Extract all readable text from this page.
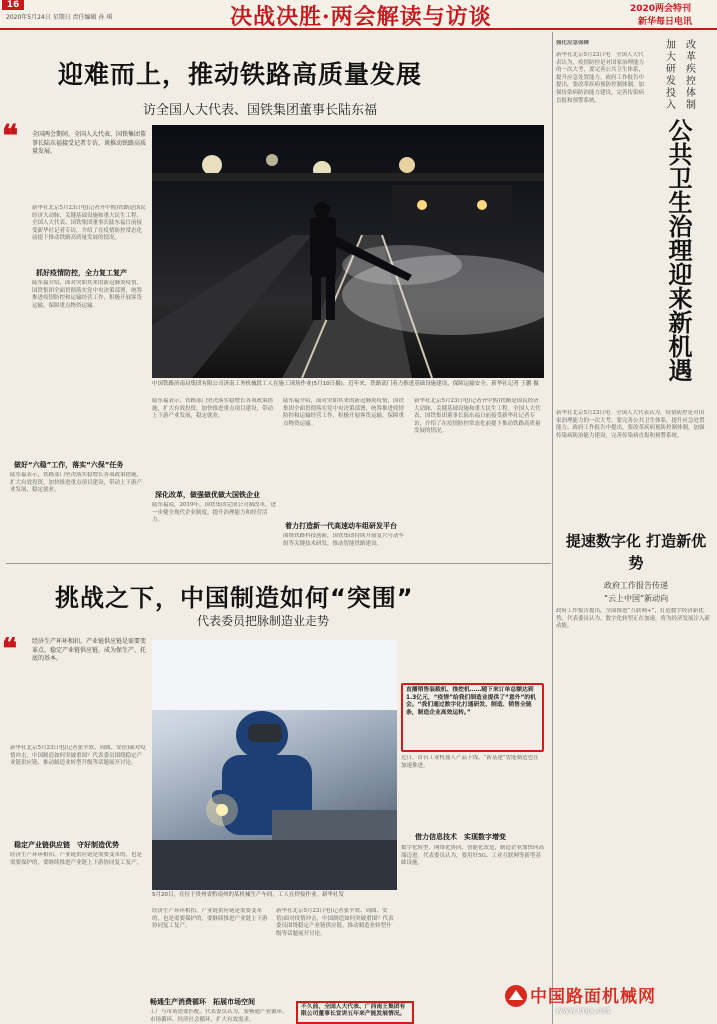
16
2020年5月24日 星期日 责任编辑 孙 琪	决战决胜·两会解读与访谈	2020两会特刊
新华每日电讯
迎难而上，推动铁路高质量发展
访全国人大代表、国铁集团董事长陆东福
❝ 全国两会期间，全国人大代表、国铁集团董事长陆东福接受记者专访，谈推动铁路高质量发展。
新华社北京5月23日电(记者齐中熙)铁路是国民经济大动脉、关键基础设施和重大民生工程。全国人大代表、国铁集团董事长陆东福日前接受新华社记者专访，介绍了在疫情防控常态化前提下推动铁路高质量发展的情况。
抓好疫情防控，全力复工复产
陆东福介绍，面对突如其来的新冠肺炎疫情，国铁集团全面贯彻落实党中央决策部署，统筹推进疫情防控和运输经营工作，积极开展客货运输，保障重点物资运输。
做好“六稳”工作，落实“六保”任务
陆东福表示，铁路部门坚决落实稳增长各项政策措施，扩大有效投资，加快推进重点项目建设，带动上下游产业发展，稳定就业。
中国铁路济南局集团有限公司济南工务机械段工人在施工现场作业(5月10日摄)。近年来，铁路部门着力推进基础设施建设，保障运输安全。新华社记者 王鹏 摄
陆东福表示，铁路部门坚决落实稳增长各项政策措施，扩大有效投资，加快推进重点项目建设，带动上下游产业发展，稳定就业。
深化改革，做强做优做大国铁企业
陆东福说，2019年，国铁集团完成公司制改革，进一步健全现代企业制度，提升治理能力和经营活力。
陆东福介绍，面对突如其来的新冠肺炎疫情，国铁集团全面贯彻落实党中央决策部署，统筹推进疫情防控和运输经营工作，积极开展客货运输，保障重点物资运输。
着力打造新一代高速动车组研发平台
围绕铁路科技创新，国铁集团持续开展复兴号动车组等关键技术研发，推动智能铁路建设。
新华社北京5月23日电(记者齐中熙)铁路是国民经济大动脉、关键基础设施和重大民生工程。全国人大代表、国铁集团董事长陆东福日前接受新华社记者专访，介绍了在疫情防控常态化前提下推动铁路高质量发展的情况。
改革疾控体制
加大研发投入
强化应急保障
公共卫生治理迎来新机遇
新华社北京5月23日电　全国人大代表认为，疫情防控是对国家治理能力的一次大考，要完善公共卫生体系，提升应急处置能力。政府工作报告中提出，要改革疾病预防控制体制，加强传染病防治能力建设，完善传染病直报和预警系统。
新华社北京5月23日电　全国人大代表认为，疫情防控是对国家治理能力的一次大考，要完善公共卫生体系，提升应急处置能力。政府工作报告中提出，要改革疾病预防控制体制，加强传染病防治能力建设，完善传染病直报和预警系统。
提速数字化 打造新优势
政府工作报告传递
“云上中国”新动向
政府工作报告提出，全面推进“互联网+”，打造数字经济新优势。代表委员认为，数字化转型正在加速，将为经济发展注入新动能。
挑战之下，中国制造如何“突围”
代表委员把脉制造业走势
❝ 经济生产环环相扣，产业链供应链是需要变革点，稳定产业链供应链，成为保生产、托底的基本。
新华社北京5月23日电(记者张辛欣、周圆、安蓓)面对疫情冲击，中国制造如何突破重围？代表委员围绕稳定产业链供应链、推动制造业转型升级等话题展开讨论。
稳定产业链供应链　守好制造优势
经济生产环环相扣，产业链供应链是需要变革的，也是需要保护的，要继续推进产业链上下游协同复工复产。
5月20日，在位于贵州省黔南州的某机械生产车间，工人在焊接作业。新华社发
经济生产环环相扣，产业链供应链是需要变革的，也是需要保护的，要继续推进产业链上下游协同复工复产。
畅通生产消费循环　拓展市场空间
工厂与市场需要匹配。代表委员认为，要畅通产业循环、市场循环、经济社会循环，扩大有效需求。
新华社北京5月23日电(记者张辛欣、周圆、安蓓)面对疫情冲击，中国制造如何突破重围？代表委员围绕稳定产业链供应链、推动制造业转型升级等话题展开讨论。
直播销售装载机、推挖机……随下来订单总额达到1.3亿元，“疫情”给我们制造业提供了“意外”的机会。“我们通过数字化打通研发、制造、销售全链条，制造企业高效运转。”
近日，首台工业机器人产品下线，“新基建”智能制造也在加速推进。
借力信息技术　实现数字增变
数字化转型、网络化协同、智能化改造，制造企业加快向高端迈进。代表委员认为，要用好5G、工业互联网等新型基础设施。
不久前，全国人大代表、广西南王集团有限公司董事长宣讲五年来产能发展情况。
中国路面机械网
www.lmjx.net
